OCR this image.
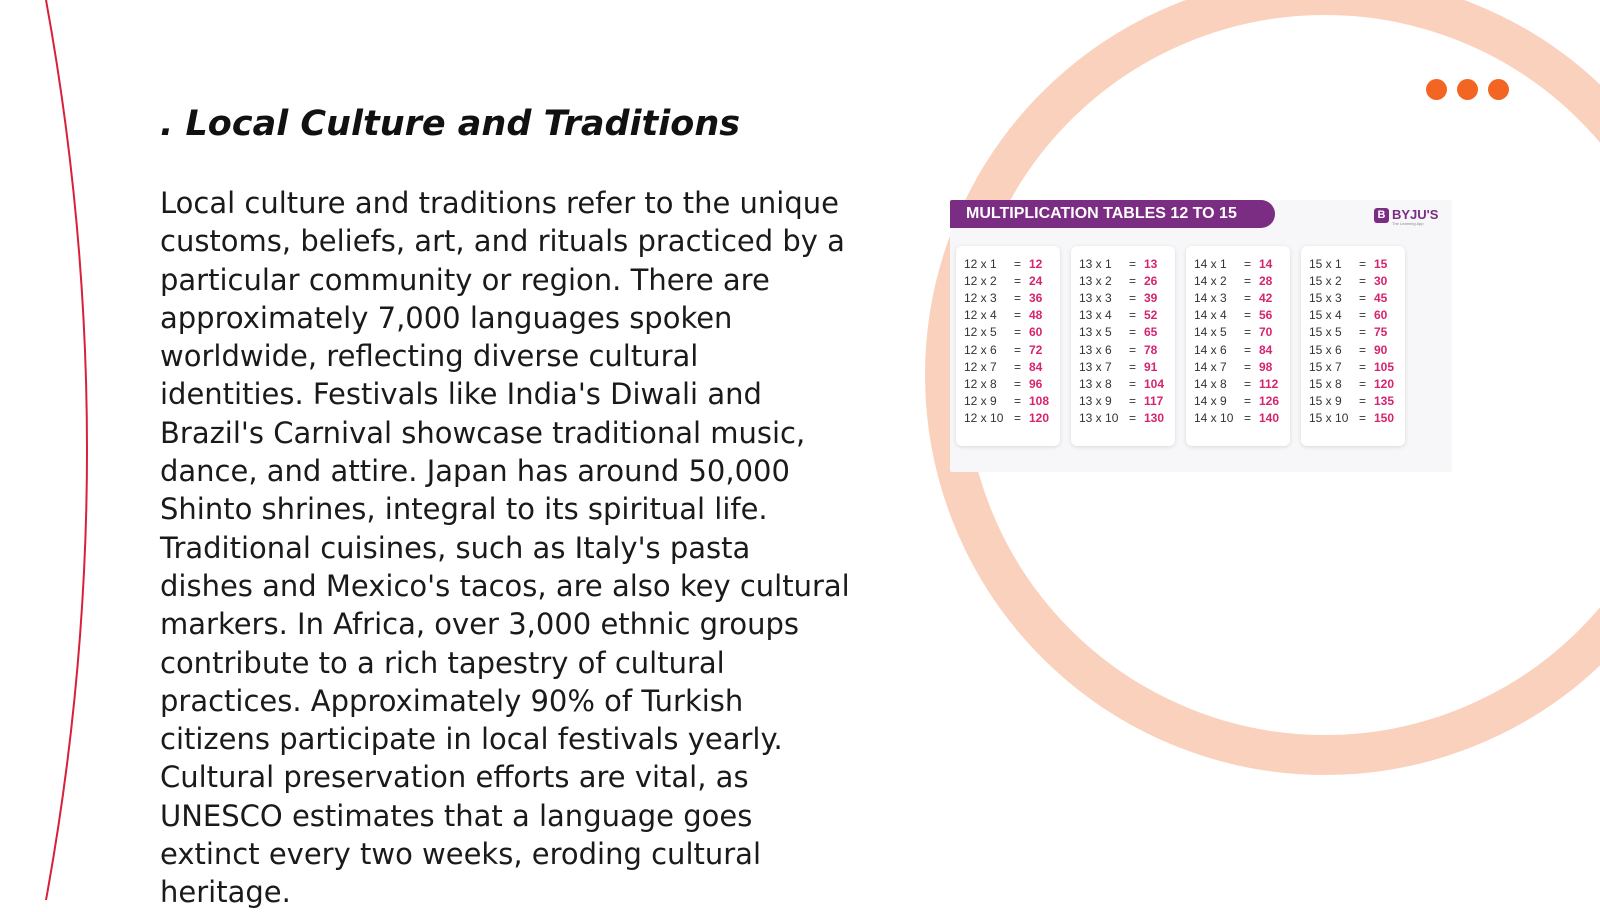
. Local Culture and Traditions

Local culture and traditions refer to the unique customs, beliefs, art, and rituals practiced by a particular community or region. There are approximately 7,000 languages spoken worldwide, reflecting diverse cultural identities. Festivals like India's Diwali and Brazil's Carnival showcase traditional music, dance, and attire. Japan has around 50,000 Shinto shrines, integral to its spiritual life. Traditional cuisines, such as Italy's pasta dishes and Mexico's tacos, are also key cultural markers. In Africa, over 3,000 ethnic groups contribute to a rich tapestry of cultural practices. Approximately 90% of Turkish citizens participate in local festivals yearly. Cultural preservation efforts are vital, as UNESCO estimates that a language goes extinct every two weeks, eroding cultural heritage.

MULTIPLICATION TABLES 12 TO 15	B BYJU'S
The Learning App
12 x 1 = 12
12 x 2 = 24
12 x 3 = 36
12 x 4 = 48
12 x 5 = 60
12 x 6 = 72
12 x 7 = 84
12 x 8 = 96
12 x 9 = 108
12 x 10 = 120
13 x 1 = 13
13 x 2 = 26
13 x 3 = 39
13 x 4 = 52
13 x 5 = 65
13 x 6 = 78
13 x 7 = 91
13 x 8 = 104
13 x 9 = 117
13 x 10 = 130
14 x 1 = 14
14 x 2 = 28
14 x 3 = 42
14 x 4 = 56
14 x 5 = 70
14 x 6 = 84
14 x 7 = 98
14 x 8 = 112
14 x 9 = 126
14 x 10 = 140
15 x 1 = 15
15 x 2 = 30
15 x 3 = 45
15 x 4 = 60
15 x 5 = 75
15 x 6 = 90
15 x 7 = 105
15 x 8 = 120
15 x 9 = 135
15 x 10 = 150
